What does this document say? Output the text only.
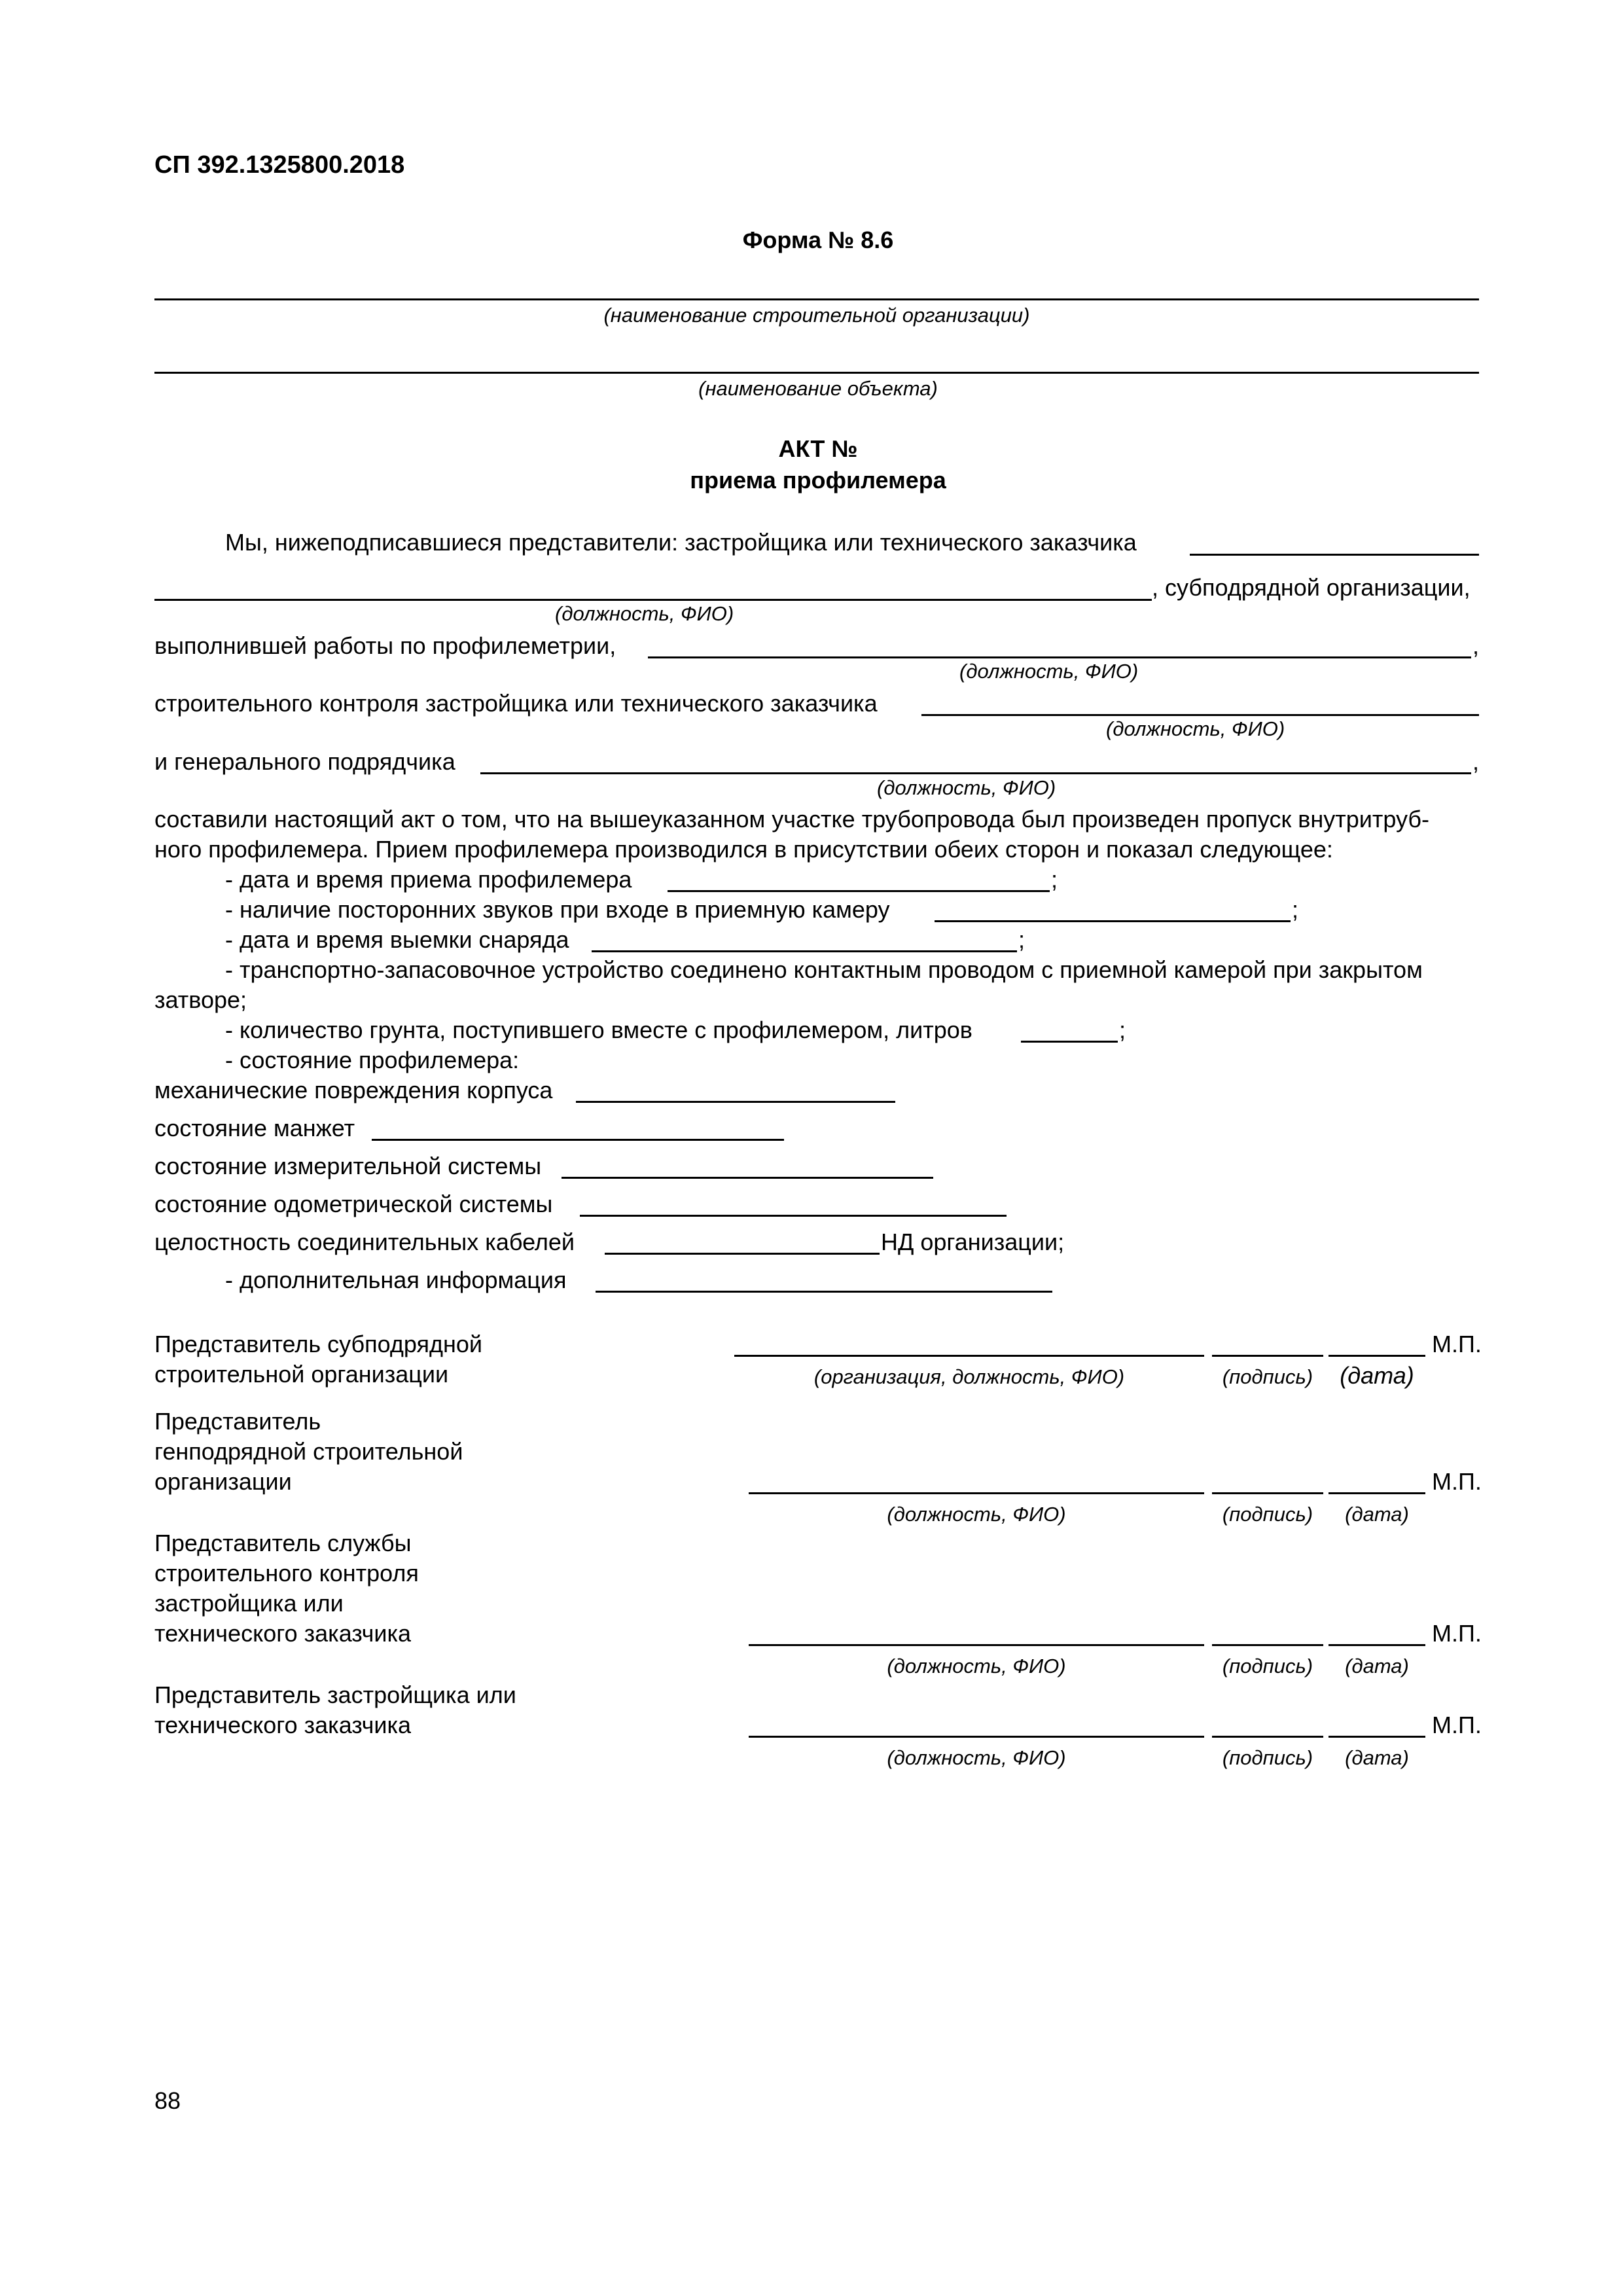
СП 392.1325800.2018
Форма № 8.6
(наименование строительной организации)
(наименование объекта)
АКТ №
приема профилемера
Мы, нижеподписавшиеся представители: застройщика или технического заказчика
, субподрядной организации,
(должность, ФИО)
выполнившей работы по профилеметрии,	,
(должность, ФИО)
строительного контроля застройщика или технического заказчика
(должность, ФИО)
и генерального подрядчика	,
(должность, ФИО)
составили настоящий акт о том, что на вышеуказанном участке трубопровода был произведен пропуск внутритруб-
ного профилемера. Прием профилемера производился в присутствии обеих сторон и показал следующее:
- дата и время приема профилемера	;
- наличие посторонних звуков при входе в приемную камеру	;
- дата и время выемки снаряда	;
- транспортно-запасовочное устройство соединено контактным проводом с приемной камерой при закрытом
затворе;
- количество грунта, поступившего вместе с профилемером, литров	;
- состояние профилемера:
механические повреждения корпуса
состояние манжет
состояние измерительной системы
состояние одометрической системы
целостность соединительных кабелей	НД организации;
- дополнительная информация
Представитель субподрядной
строительной организации
М.П.
(организация, должность, ФИО)	(подпись)	(дата)
Представитель
генподрядной строительной
организации	М.П.
(должность, ФИО)	(подпись)	(дата)
Представитель службы
строительного контроля
застройщика или
технического заказчика	М.П.
(должность, ФИО)	(подпись)	(дата)
Представитель застройщика или
технического заказчика	М.П.
(должность, ФИО)	(подпись)	(дата)
88
